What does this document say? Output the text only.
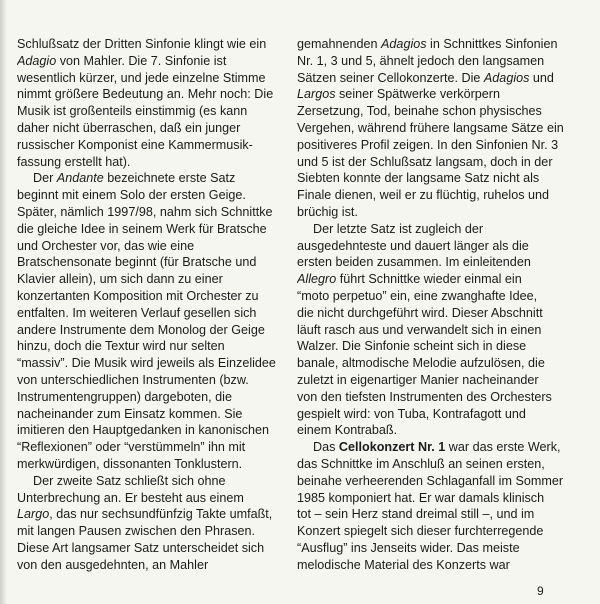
Schlußsatz der Dritten Sinfonie klingt wie ein
Adagio von Mahler. Die 7. Sinfonie ist
wesentlich kürzer, und jede einzelne Stimme
nimmt größere Bedeutung an. Mehr noch: Die
Musik ist großenteils einstimmig (es kann
daher nicht überraschen, daß ein junger
russischer Komponist eine Kammermusik-
fassung erstellt hat).
Der Andante bezeichnete erste Satz
beginnt mit einem Solo der ersten Geige.
Später, nämlich 1997/98, nahm sich Schnittke
die gleiche Idee in seinem Werk für Bratsche
und Orchester vor, das wie eine
Bratschensonate beginnt (für Bratsche und
Klavier allein), um sich dann zu einer
konzertanten Komposition mit Orchester zu
entfalten. Im weiteren Verlauf gesellen sich
andere Instrumente dem Monolog der Geige
hinzu, doch die Textur wird nur selten
“massiv”. Die Musik wird jeweils als Einzelidee
von unterschiedlichen Instrumenten (bzw.
Instrumentengruppen) dargeboten, die
nacheinander zum Einsatz kommen. Sie
imitieren den Hauptgedanken in kanonischen
“Reflexionen” oder “verstümmeln” ihn mit
merkwürdigen, dissonanten Tonklustern.
Der zweite Satz schließt sich ohne
Unterbrechung an. Er besteht aus einem
Largo, das nur sechsundfünfzig Takte umfaßt,
mit langen Pausen zwischen den Phrasen.
Diese Art langsamer Satz unterscheidet sich
von den ausgedehnten, an Mahler
gemahnenden Adagios in Schnittkes Sinfonien
Nr. 1, 3 und 5, ähnelt jedoch den langsamen
Sätzen seiner Cellokonzerte. Die Adagios und
Largos seiner Spätwerke verkörpern
Zersetzung, Tod, beinahe schon physisches
Vergehen, während frühere langsame Sätze ein
positiveres Profil zeigen. In den Sinfonien Nr. 3
und 5 ist der Schlußsatz langsam, doch in der
Siebten konnte der langsame Satz nicht als
Finale dienen, weil er zu flüchtig, ruhelos und
brüchig ist.
Der letzte Satz ist zugleich der
ausgedehnteste und dauert länger als die
ersten beiden zusammen. Im einleitenden
Allegro führt Schnittke wieder einmal ein
“moto perpetuo” ein, eine zwanghafte Idee,
die nicht durchgeführt wird. Dieser Abschnitt
läuft rasch aus und verwandelt sich in einen
Walzer. Die Sinfonie scheint sich in diese
banale, altmodische Melodie aufzulösen, die
zuletzt in eigenartiger Manier nacheinander
von den tiefsten Instrumenten des Orchesters
gespielt wird: von Tuba, Kontrafagott und
einem Kontrabaß.
Das Cellokonzert Nr. 1 war das erste Werk,
das Schnittke im Anschluß an seinen ersten,
beinahe verheerenden Schlaganfall im Sommer
1985 komponiert hat. Er war damals klinisch
tot – sein Herz stand dreimal still –, und im
Konzert spiegelt sich dieser furchterregende
“Ausflug” ins Jenseits wider. Das meiste
melodische Material des Konzerts war
9
